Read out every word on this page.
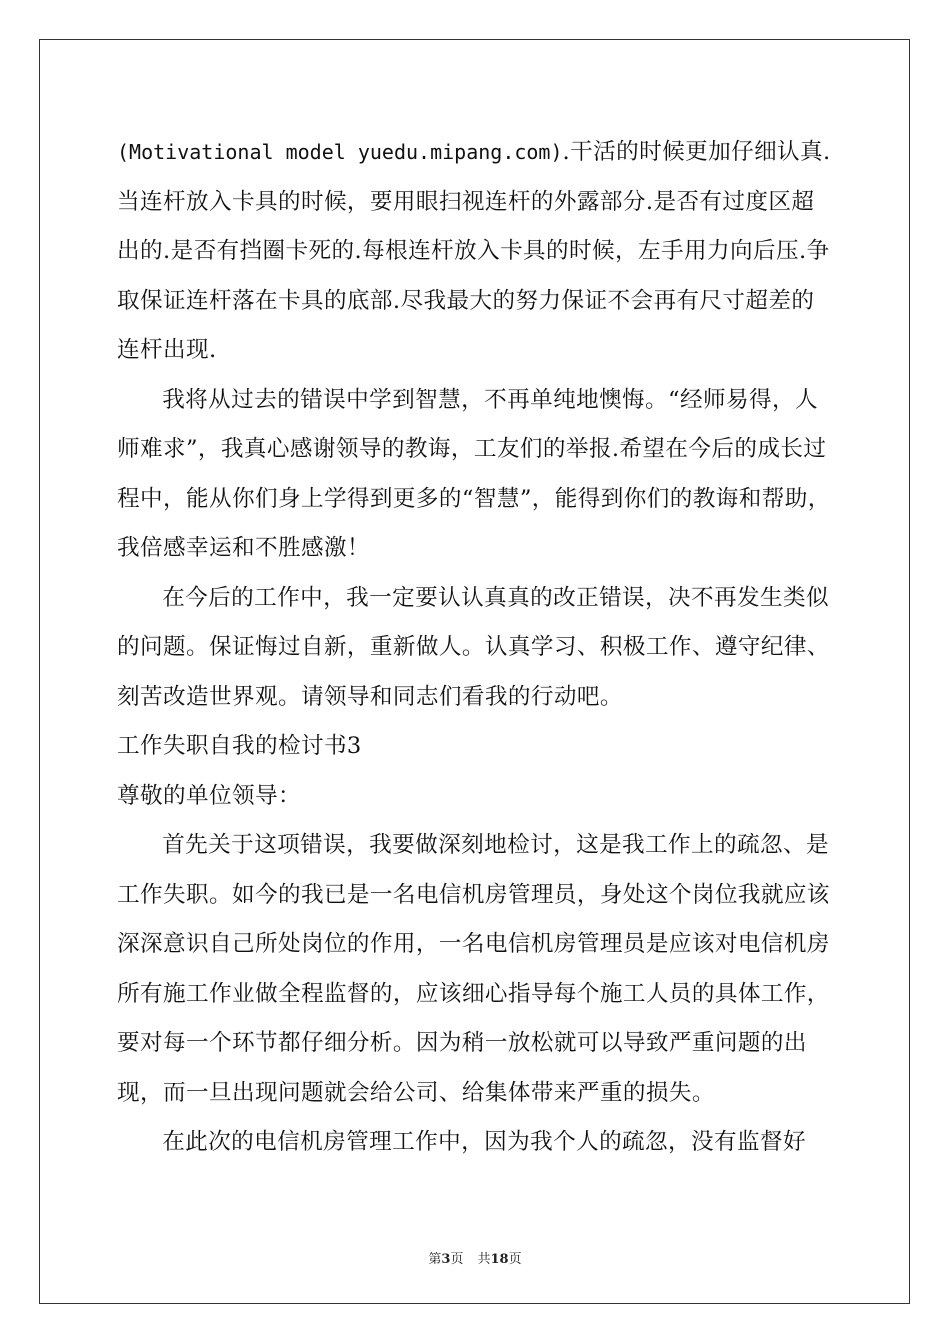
(Motivational model yuedu.mipang.com).干活的时候更加仔细认真.当连杆放入卡具的时候，要用眼扫视连杆的外露部分.是否有过度区超出的.是否有挡圈卡死的.每根连杆放入卡具的时候，左手用力向后压.争取保证连杆落在卡具的底部.尽我最大的努力保证不会再有尺寸超差的连杆出现.

我将从过去的错误中学到智慧，不再单纯地懊悔。“经师易得，人师难求”，我真心感谢领导的教诲，工友们的举报.希望在今后的成长过程中，能从你们身上学得到更多的“智慧”，能得到你们的教诲和帮助，我倍感幸运和不胜感激！

在今后的工作中，我一定要认认真真的改正错误，决不再发生类似的问题。保证悔过自新，重新做人。认真学习、积极工作、遵守纪律、刻苦改造世界观。请领导和同志们看我的行动吧。

工作失职自我的检讨书3

尊敬的单位领导：

首先关于这项错误，我要做深刻地检讨，这是我工作上的疏忽、是工作失职。如今的我已是一名电信机房管理员，身处这个岗位我就应该深深意识自己所处岗位的作用，一名电信机房管理员是应该对电信机房所有施工作业做全程监督的，应该细心指导每个施工人员的具体工作，要对每一个环节都仔细分析。因为稍一放松就可以导致严重问题的出现，而一旦出现问题就会给公司、给集体带来严重的损失。

在此次的电信机房管理工作中，因为我个人的疏忽，没有监督好

第3页 共18页
